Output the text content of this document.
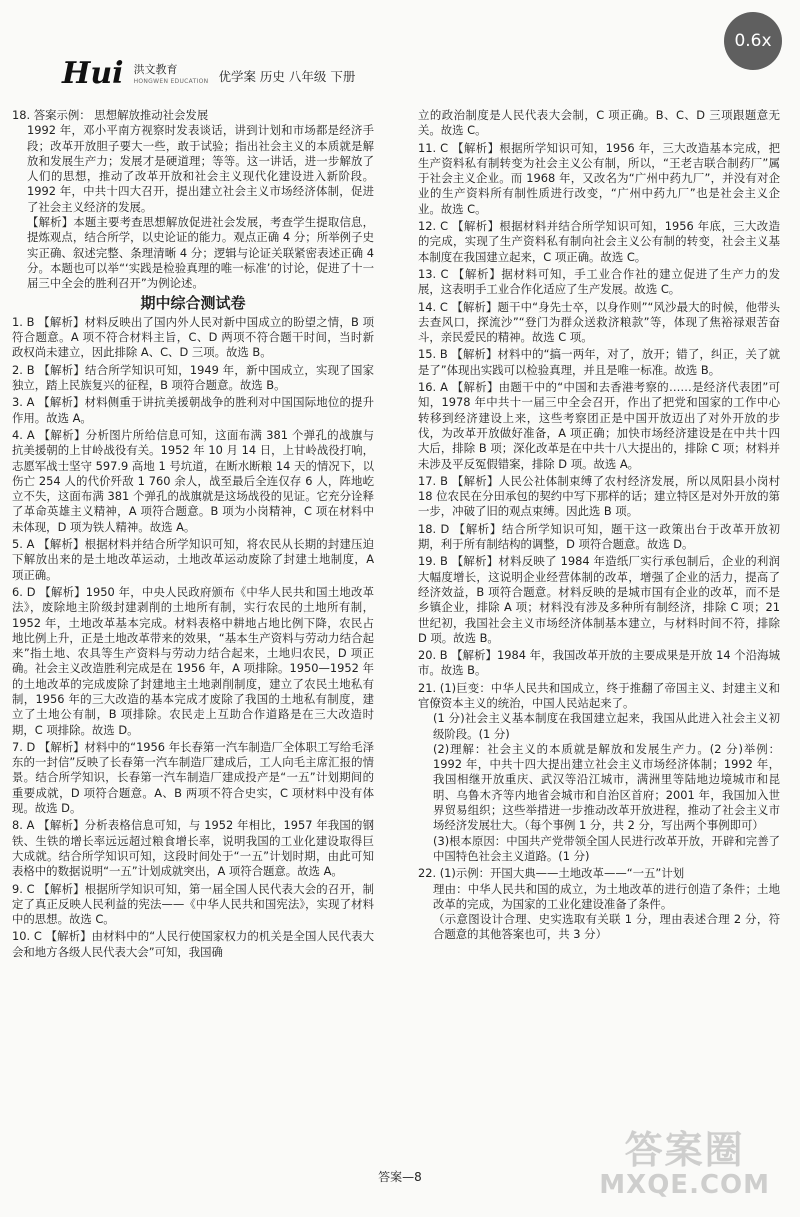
Hui 洪文教育
HONGWEN EDUCATION 优学案 历史 八年级 下册
0.6x

18. 答案示例： 思想解放推动社会发展

1992 年，邓小平南方视察时发表谈话，讲到计划和市场都是经济手段；改革开放胆子要大一些，敢于试验；指出社会主义的本质就是解放和发展生产力；发展才是硬道理；等等。这一讲话，进一步解放了人们的思想，推动了改革开放和社会主义现代化建设进入新阶段。1992 年，中共十四大召开，提出建立社会主义市场经济体制，促进了社会主义经济的发展。

【解析】本题主要考查思想解放促进社会发展，考查学生提取信息，提炼观点，结合所学，以史论证的能力。观点正确 4 分；所举例子史实正确、叙述完整、条理清晰 4 分；逻辑与论证关联紧密表述正确 4 分。本题也可以举“‘实践是检验真理的唯一标准’的讨论，促进了十一届三中全会的胜利召开”为例论述。

期中综合测试卷

1. B 【解析】材料反映出了国内外人民对新中国成立的盼望之情，B 项符合题意。A 项不符合材料主旨，C、D 两项不符合题干时间，当时新政权尚未建立，因此排除 A、C、D 三项。故选 B。

2. B 【解析】结合所学知识可知，1949 年，新中国成立，实现了国家独立，踏上民族复兴的征程，B 项符合题意。故选 B。

3. A 【解析】材料侧重于讲抗美援朝战争的胜利对中国国际地位的提升作用。故选 A。

4. A 【解析】分析图片所给信息可知，这面布满 381 个弹孔的战旗与抗美援朝的上甘岭战役有关。1952 年 10 月 14 日，上甘岭战役打响，志愿军战士坚守 597.9 高地 1 号坑道，在断水断粮 14 天的情况下，以伤亡 254 人的代价歼敌 1 760 余人，战至最后全连仅存 6 人，阵地屹立不失，这面布满 381 个弹孔的战旗就是这场战役的见证。它充分诠释了革命英雄主义精神，A 项符合题意。B 项为小岗精神，C 项在材料中未体现，D 项为铁人精神。故选 A。

5. A 【解析】根据材料并结合所学知识可知，将农民从长期的封建压迫下解放出来的是土地改革运动，土地改革运动废除了封建土地制度，A 项正确。

6. D 【解析】1950 年，中央人民政府颁布《中华人民共和国土地改革法》，废除地主阶级封建剥削的土地所有制，实行农民的土地所有制，1952 年，土地改革基本完成。材料表格中耕地占地比例下降，农民占地比例上升，正是土地改革带来的效果，“基本生产资料与劳动力结合起来”指土地、农具等生产资料与劳动力结合起来，土地归农民，D 项正确。社会主义改造胜利完成是在 1956 年，A 项排除。1950—1952 年的土地改革的完成废除了封建地主土地剥削制度，建立了农民土地私有制，1956 年的三大改造的基本完成才废除了我国的土地私有制度，建立了土地公有制，B 项排除。农民走上互助合作道路是在三大改造时期，C 项排除。故选 D。

7. D 【解析】材料中的“1956 年长春第一汽车制造厂全体职工写给毛泽东的一封信”反映了长春第一汽车制造厂建成后，工人向毛主席汇报的情景。结合所学知识，长春第一汽车制造厂建成投产是“一五”计划期间的重要成就，D 项符合题意。A、B 两项不符合史实，C 项材料中没有体现。故选 D。

8. A 【解析】分析表格信息可知，与 1952 年相比，1957 年我国的钢铁、生铁的增长率远远超过粮食增长率，说明我国的工业化建设取得巨大成就。结合所学知识可知，这段时间处于“一五”计划时期，由此可知表格中的数据说明“一五”计划成就突出，A 项符合题意。故选 A。

9. C 【解析】根据所学知识可知，第一届全国人民代表大会的召开，制定了真正反映人民利益的宪法——《中华人民共和国宪法》，实现了材料中的思想。故选 C。

10. C 【解析】由材料中的“人民行使国家权力的机关是全国人民代表大会和地方各级人民代表大会”可知，我国确

立的政治制度是人民代表大会制，C 项正确。B、C、D 三项跟题意无关。故选 C。

11. C 【解析】根据所学知识可知，1956 年，三大改造基本完成，把生产资料私有制转变为社会主义公有制，所以，“王老吉联合制药厂”属于社会主义企业。而 1968 年，又改名为“广州中药九厂”，并没有对企业的生产资料所有制性质进行改变，“广州中药九厂”也是社会主义企业。故选 C。

12. C 【解析】根据材料并结合所学知识可知，1956 年底，三大改造的完成，实现了生产资料私有制向社会主义公有制的转变，社会主义基本制度在我国建立起来，C 项正确。故选 C。

13. C 【解析】据材料可知，手工业合作社的建立促进了生产力的发展，这表明手工业合作化适应了生产发展。故选 C。

14. C 【解析】题干中“身先士卒，以身作则”“风沙最大的时候，他带头去查风口，探流沙”“登门为群众送救济粮款”等，体现了焦裕禄艰苦奋斗，亲民爱民的精神。故选 C 项。

15. B 【解析】材料中的“搞一两年，对了，放开；错了，纠正，关了就是了”体现出实践可以检验真理，并且是唯一标准。故选 B。

16. A 【解析】由题干中的“中国和去香港考察的……是经济代表团”可知，1978 年中共十一届三中全会召开，作出了把党和国家的工作中心转移到经济建设上来，这些考察团正是中国开放迈出了对外开放的步伐，为改革开放做好准备，A 项正确；加快市场经济建设是在中共十四大后，排除 B 项；深化改革是在中共十八大提出的，排除 C 项；材料并未涉及平反冤假错案，排除 D 项。故选 A。

17. B 【解析】人民公社体制束缚了农村经济发展，所以凤阳县小岗村 18 位农民在分田承包的契约中写下那样的话；建立特区是对外开放的第一步，冲破了旧的观点束缚。因此选 B 项。

18. D 【解析】结合所学知识可知，题干这一政策出台于改革开放初期，利于所有制结构的调整，D 项符合题意。故选 D。

19. B 【解析】材料反映了 1984 年造纸厂实行承包制后，企业的利润大幅度增长，这说明企业经营体制的改革，增强了企业的活力，提高了经济效益，B 项符合题意。材料反映的是城市国有企业的改革，而不是乡镇企业，排除 A 项；材料没有涉及多种所有制经济，排除 C 项；21 世纪初，我国社会主义市场经济体制基本建立，与材料时间不符，排除 D 项。故选 B。

20. B 【解析】1984 年，我国改革开放的主要成果是开放 14 个沿海城市。故选 B。

21. (1)巨变：中华人民共和国成立，终于推翻了帝国主义、封建主义和官僚资本主义的统治，中国人民站起来了。

(1 分)社会主义基本制度在我国建立起来，我国从此进入社会主义初级阶段。(1 分)

(2)理解：社会主义的本质就是解放和发展生产力。(2 分)举例：1992 年，中共十四大提出建立社会主义市场经济体制；1992 年，我国相继开放重庆、武汉等沿江城市，满洲里等陆地边境城市和昆明、乌鲁木齐等内地省会城市和自治区首府；2001 年，我国加入世界贸易组织；这些举措进一步推动改革开放进程，推动了社会主义市场经济发展壮大。（每个事例 1 分，共 2 分，写出两个事例即可）

(3)根本原因：中国共产党带领全国人民进行改革开放，开辟和完善了中国特色社会主义道路。(1 分)

22. (1)示例：开国大典——土地改革——“一五”计划

理由：中华人民共和国的成立，为土地改革的进行创造了条件；土地改革的完成，为国家的工业化建设准备了条件。

（示意图设计合理、史实选取有关联 1 分，理由表述合理 2 分，符合题意的其他答案也可，共 3 分）

答案—8
答案圈
MXQE.COM
